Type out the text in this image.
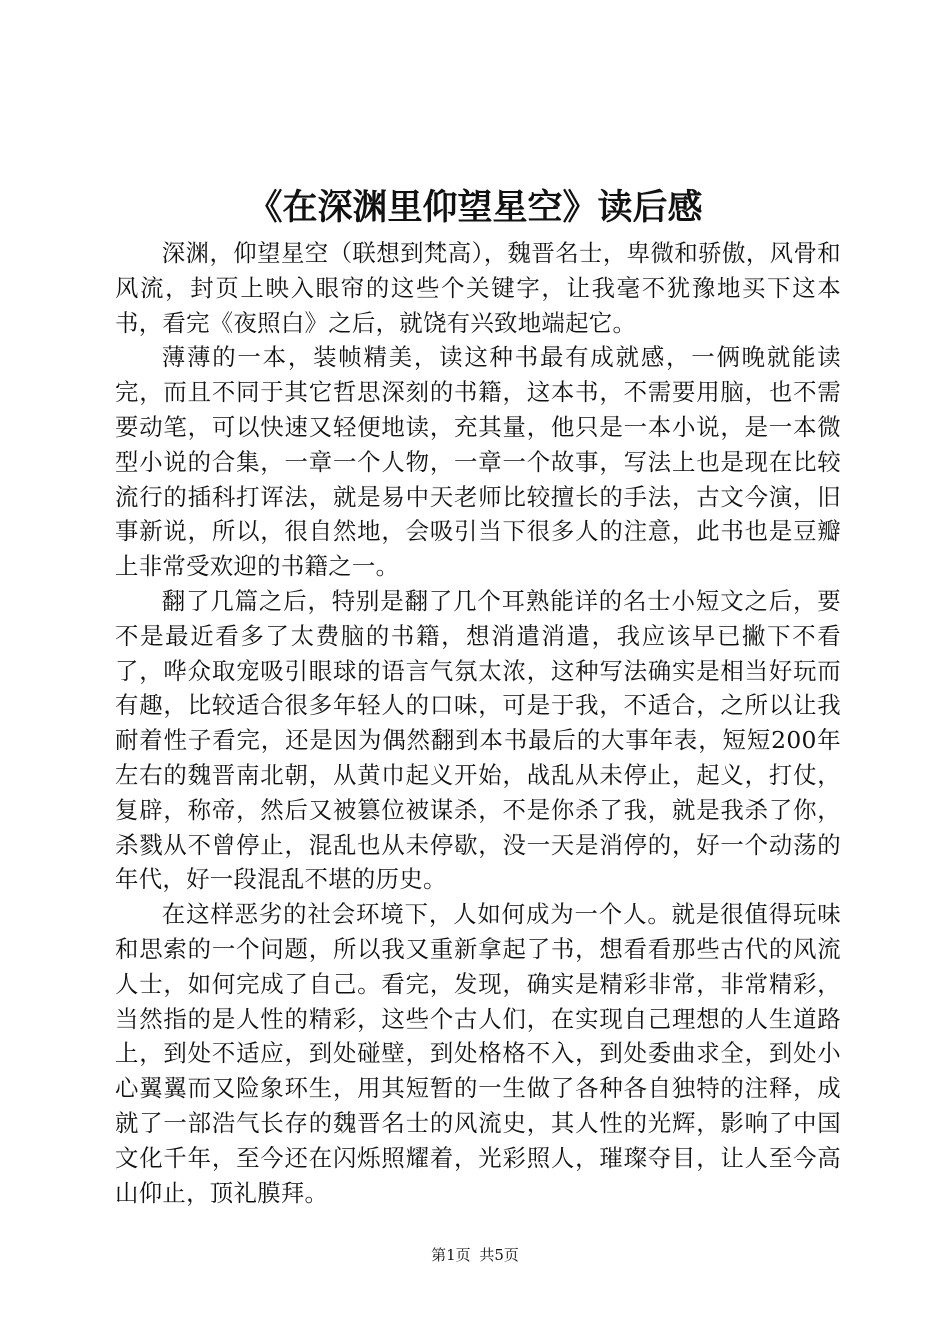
《在深渊里仰望星空》读后感

深渊，仰望星空（联想到梵高），魏晋名士，卑微和骄傲，风骨和风流，封页上映入眼帘的这些个关键字，让我毫不犹豫地买下这本书，看完《夜照白》之后，就饶有兴致地端起它。

薄薄的一本，装帧精美，读这种书最有成就感，一俩晚就能读完，而且不同于其它哲思深刻的书籍，这本书，不需要用脑，也不需要动笔，可以快速又轻便地读，充其量，他只是一本小说，是一本微型小说的合集，一章一个人物，一章一个故事，写法上也是现在比较流行的插科打诨法，就是易中天老师比较擅长的手法，古文今演，旧事新说，所以，很自然地，会吸引当下很多人的注意，此书也是豆瓣上非常受欢迎的书籍之一。

翻了几篇之后，特别是翻了几个耳熟能详的名士小短文之后，要不是最近看多了太费脑的书籍，想消遣消遣，我应该早已撇下不看了，哗众取宠吸引眼球的语言气氛太浓，这种写法确实是相当好玩而有趣，比较适合很多年轻人的口味，可是于我，不适合，之所以让我耐着性子看完，还是因为偶然翻到本书最后的大事年表，短短200年左右的魏晋南北朝，从黄巾起义开始，战乱从未停止，起义，打仗，复辟，称帝，然后又被篡位被谋杀，不是你杀了我，就是我杀了你，杀戮从不曾停止，混乱也从未停歇，没一天是消停的，好一个动荡的年代，好一段混乱不堪的历史。

在这样恶劣的社会环境下，人如何成为一个人。就是很值得玩味和思索的一个问题，所以我又重新拿起了书，想看看那些古代的风流人士，如何完成了自己。看完，发现，确实是精彩非常，非常精彩，当然指的是人性的精彩，这些个古人们，在实现自己理想的人生道路上，到处不适应，到处碰壁，到处格格不入，到处委曲求全，到处小心翼翼而又险象环生，用其短暂的一生做了各种各自独特的注释，成就了一部浩气长存的魏晋名士的风流史，其人性的光辉，影响了中国文化千年，至今还在闪烁照耀着，光彩照人，璀璨夺目，让人至今高山仰止，顶礼膜拜。

第1页 共5页
